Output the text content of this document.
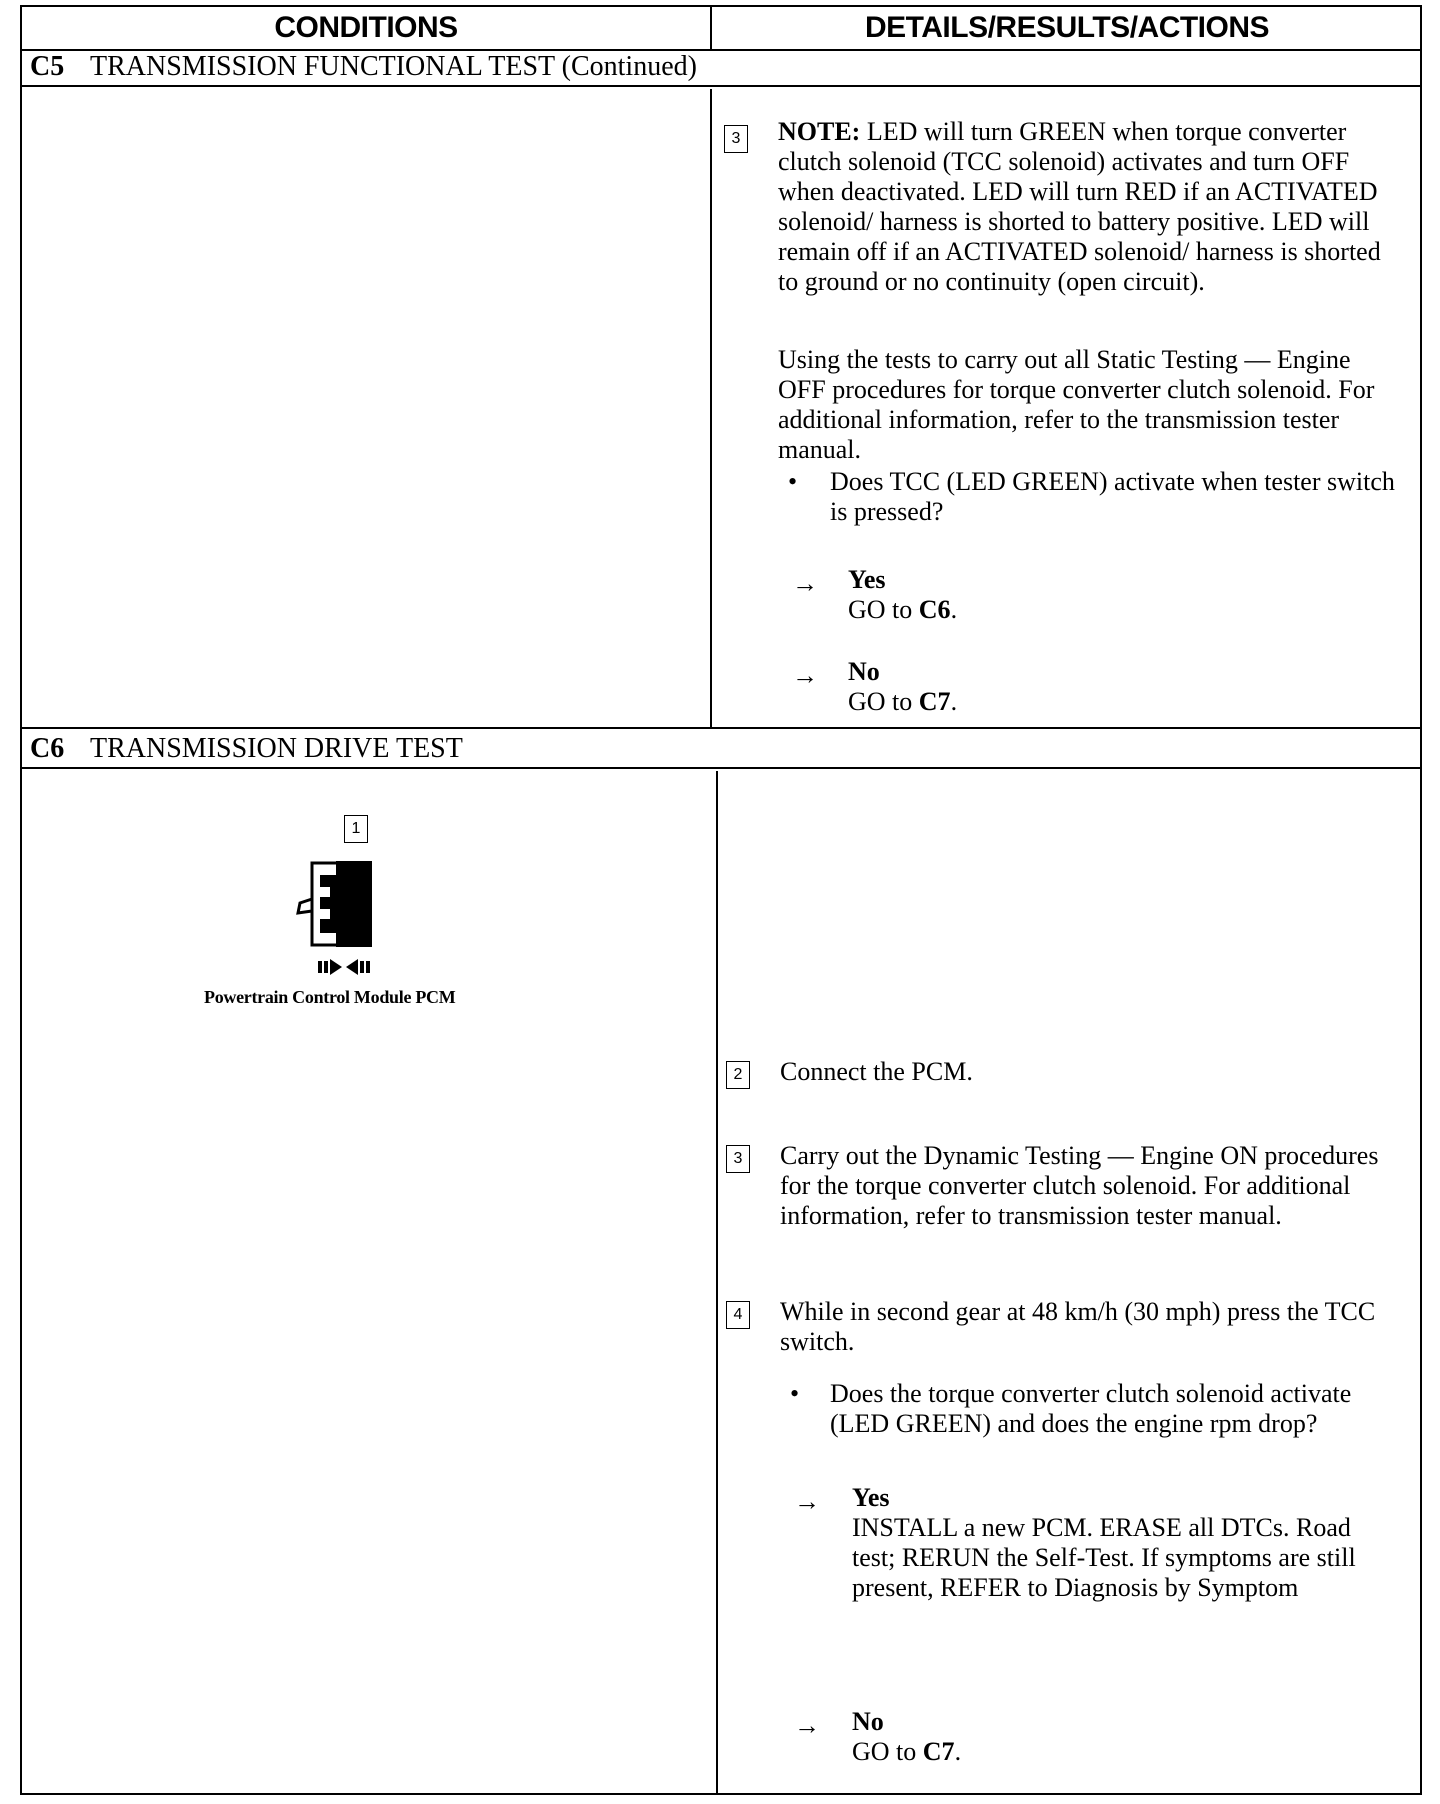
CONDITIONS	DETAILS/RESULTS/ACTIONS
C5 TRANSMISSION FUNCTIONAL TEST (Continued)
3 NOTE: LED will turn GREEN when torque converter clutch solenoid (TCC solenoid) activates and turn OFF when deactivated. LED will turn RED if an ACTIVATED solenoid/ harness is shorted to battery positive. LED will remain off if an ACTIVATED solenoid/ harness is shorted to ground or no continuity (open circuit).
Using the tests to carry out all Static Testing — Engine OFF procedures for torque converter clutch solenoid. For additional information, refer to the transmission tester manual.
• Does TCC (LED GREEN) activate when tester switch is pressed?
→ Yes
GO to C6.
→ No
GO to C7.
C6 TRANSMISSION DRIVE TEST
1
Powertrain Control Module PCM
2 Connect the PCM.
3 Carry out the Dynamic Testing — Engine ON procedures for the torque converter clutch solenoid. For additional information, refer to transmission tester manual.
4 While in second gear at 48 km/h (30 mph) press the TCC switch.
• Does the torque converter clutch solenoid activate (LED GREEN) and does the engine rpm drop?
→ Yes
INSTALL a new PCM. ERASE all DTCs. Road test; RERUN the Self-Test. If symptoms are still present, REFER to Diagnosis by Symptom
→ No
GO to C7.
